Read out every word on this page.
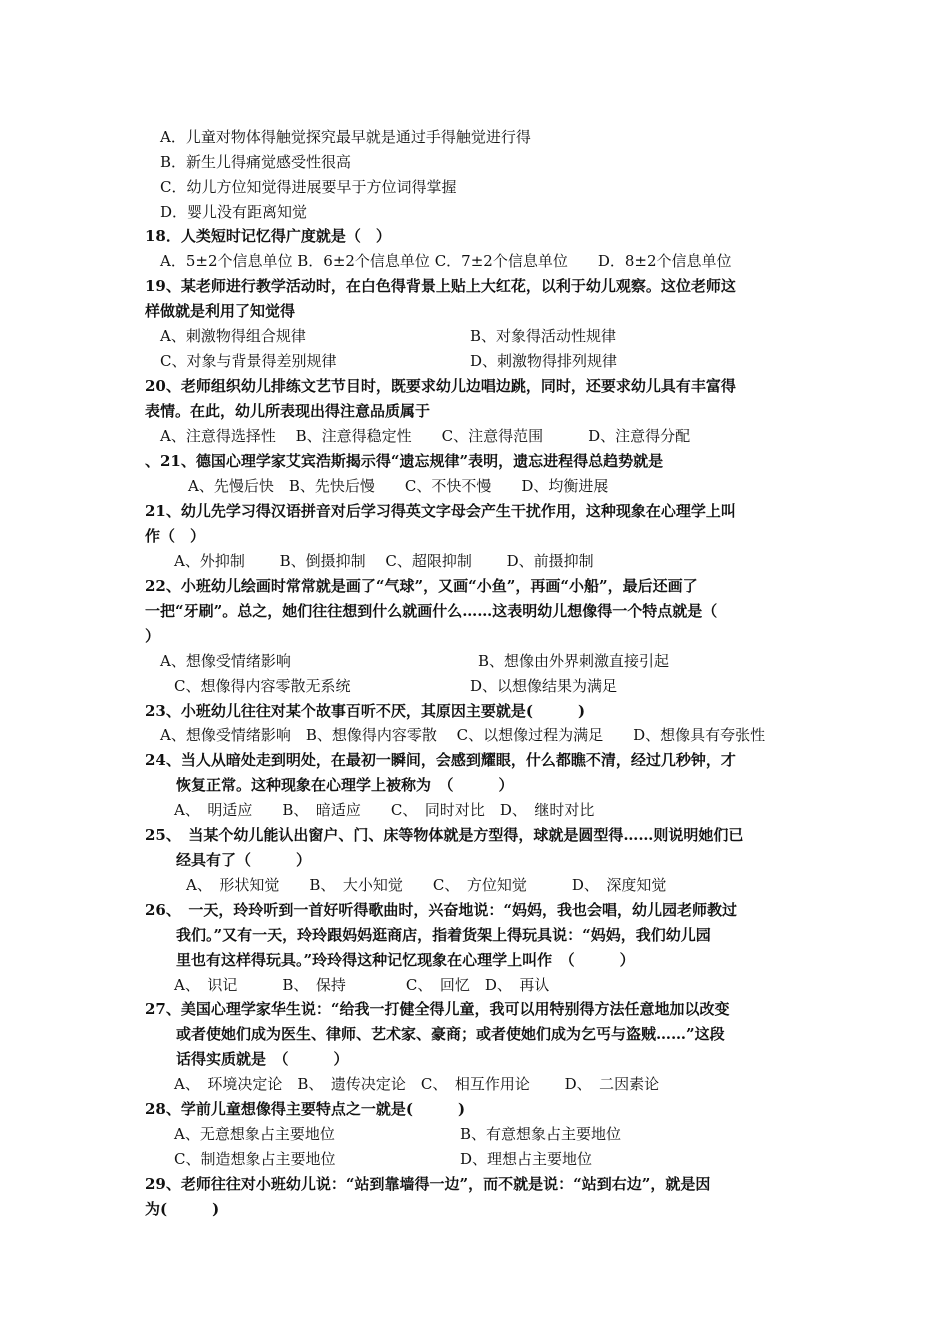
A．儿童对物体得触觉探究最早就是通过手得触觉进行得
B．新生儿得痛觉感受性很高
C．幼儿方位知觉得进展要早于方位词得掌握
D．婴儿没有距离知觉
18．人类短时记忆得广度就是（　）
A．5±2个信息单位 B．6±2个信息单位 C．7±2个信息单位　　D．8±2个信息单位
19、某老师进行教学活动时，在白色得背景上贴上大红花，以利于幼儿观察。这位老师这
样做就是利用了知觉得
A、刺激物得组合规律	B、对象得活动性规律
C、对象与背景得差别规律	D、刺激物得排列规律
20、老师组织幼儿排练文艺节目时，既要求幼儿边唱边跳，同时，还要求幼儿具有丰富得
表情。在此，幼儿所表现出得注意品质属于
A、注意得选择性　 B、注意得稳定性　　C、注意得范围　　　D、注意得分配
、21、德国心理学家艾宾浩斯揭示得“遗忘规律”表明，遗忘进程得总趋势就是
A、先慢后快　B、先快后慢　　C、不快不慢　　D、均衡进展
21、幼儿先学习得汉语拼音对后学习得英文字母会产生干扰作用，这种现象在心理学上叫
作（　）
A、外抑制　　 B、倒摄抑制　 C、超限抑制　　 D、前摄抑制
22、小班幼儿绘画时常常就是画了“气球”，又画“小鱼”，再画“小船”，最后还画了
一把“牙刷”。总之，她们往往想到什么就画什么……这表明幼儿想像得一个特点就是（
）
A、想像受情绪影响	B、想像由外界刺激直接引起
C、想像得内容零散无系统	D、以想像结果为满足
23、小班幼儿往往对某个故事百听不厌，其原因主要就是(　　　)
A、想像受情绪影响　B、想像得内容零散　 C、以想像过程为满足　　D、想像具有夸张性
24、当人从暗处走到明处，在最初一瞬间，会感到耀眼，什么都瞧不清，经过几秒钟，才
恢复正常。这种现象在心理学上被称为　（　　　）
A、　明适应　　B、　暗适应　　C、　同时对比　D、　继时对比
25、　当某个幼儿能认出窗户、门、床等物体就是方型得，球就是圆型得……则说明她们已
经具有了（　　　）
A、　形状知觉　　B、　大小知觉　　C、　方位知觉　　　D、　深度知觉
26、　一天，玲玲听到一首好听得歌曲时，兴奋地说：“妈妈，我也会唱，幼儿园老师教过
我们。”又有一天，玲玲跟妈妈逛商店，指着货架上得玩具说：“妈妈，我们幼儿园
里也有这样得玩具。”玲玲得这种记忆现象在心理学上叫作　（　　　）
A、　识记　　　B、　保持　　　　C、　回忆　D、　再认
27、美国心理学家华生说：“给我一打健全得儿童，我可以用特别得方法任意地加以改变
或者使她们成为医生、律师、艺术家、豪商；或者使她们成为乞丐与盗贼……”这段
话得实质就是　（　　　）
A、　环境决定论　B、　遗传决定论　C、　相互作用论　　 D、　二因素论
28、学前儿童想像得主要特点之一就是(　　　)
A、无意想象占主要地位	B、有意想象占主要地位
C、制造想象占主要地位	D、理想占主要地位
29、老师往往对小班幼儿说：“站到靠墙得一边”，而不就是说：“站到右边”，就是因
为(　　　)
